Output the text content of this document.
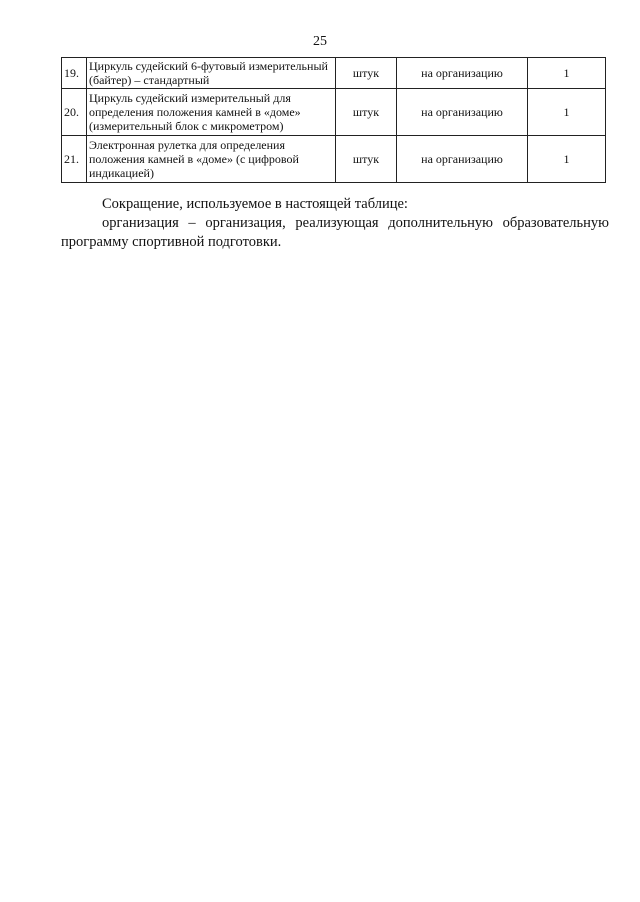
25
19.	Циркуль судейский 6-футовый измерительный (байтер) – стандартный	штук	на организацию	1
20.	Циркуль судейский измерительный для определения положения камней в «доме» (измерительный блок с микрометром)	штук	на организацию	1
21.	Электронная рулетка для определения положения камней в «доме» (с цифровой индикацией)	штук	на организацию	1

Сокращение, используемое в настоящей таблице:

организация – организация, реализующая дополнительную образовательную программу спортивной подготовки.
